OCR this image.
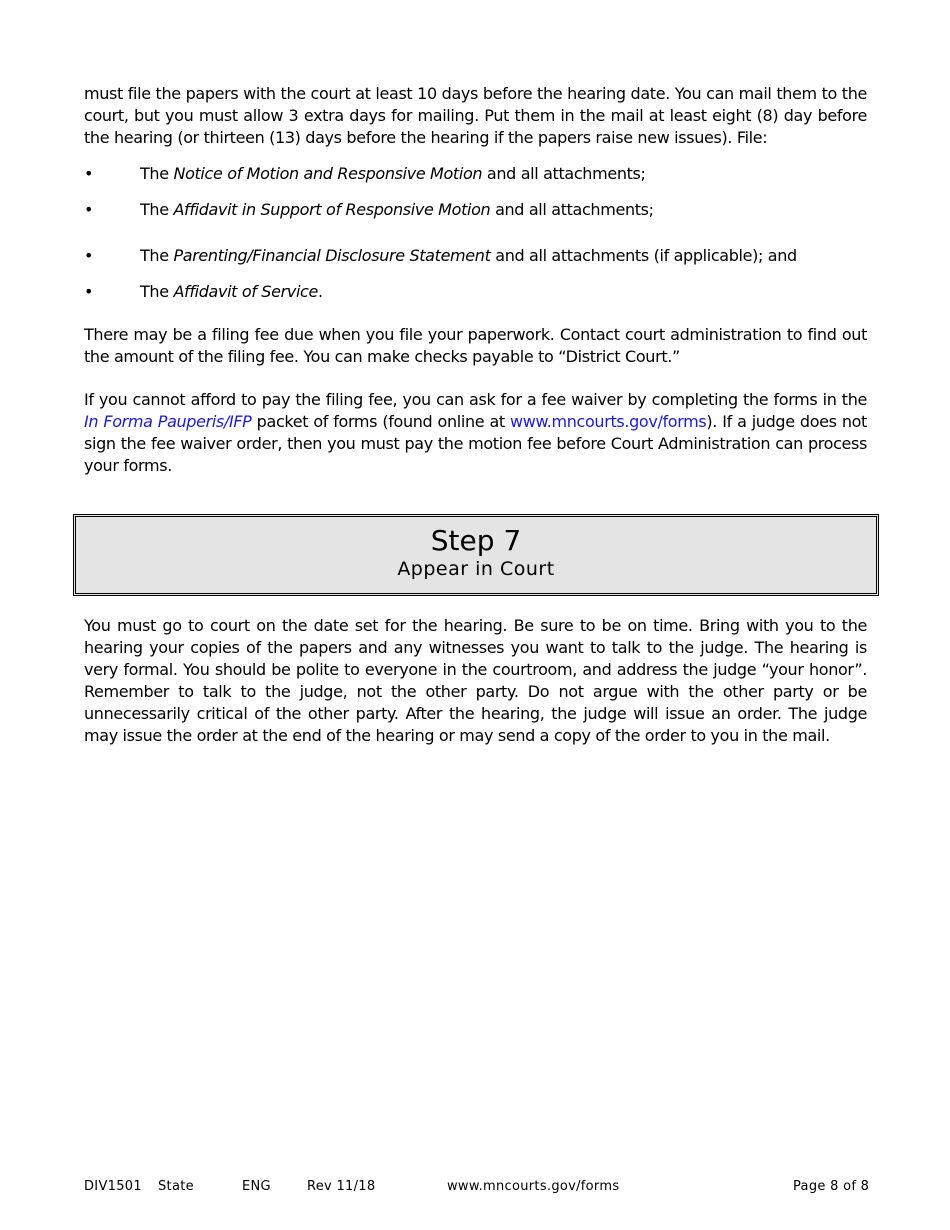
must file the papers with the court at least 10 days before the hearing date. You can mail them to the court, but you must allow 3 extra days for mailing. Put them in the mail at least eight (8) day before the hearing (or thirteen (13) days before the hearing if the papers raise new issues). File:

•	The Notice of Motion and Responsive Motion and all attachments;
•	The Affidavit in Support of Responsive Motion and all attachments;
•	The Parenting/Financial Disclosure Statement and all attachments (if applicable); and
•	The Affidavit of Service.

There may be a filing fee due when you file your paperwork. Contact court administration to find out the amount of the filing fee. You can make checks payable to “District Court.”

If you cannot afford to pay the filing fee, you can ask for a fee waiver by completing the forms in the In Forma Pauperis/IFP packet of forms (found online at www.mncourts.gov/forms). If a judge does not sign the fee waiver order, then you must pay the motion fee before Court Administration can process your forms.

Step 7
Appear in Court

You must go to court on the date set for the hearing. Be sure to be on time. Bring with you to the hearing your copies of the papers and any witnesses you want to talk to the judge. The hearing is very formal. You should be polite to everyone in the courtroom, and address the judge “your honor”. Remember to talk to the judge, not the other party. Do not argue with the other party or be unnecessarily critical of the other party. After the hearing, the judge will issue an order. The judge may issue the order at the end of the hearing or may send a copy of the order to you in the mail.

DIV1501 State	ENG	Rev 11/18	www.mncourts.gov/forms	Page 8 of 8
